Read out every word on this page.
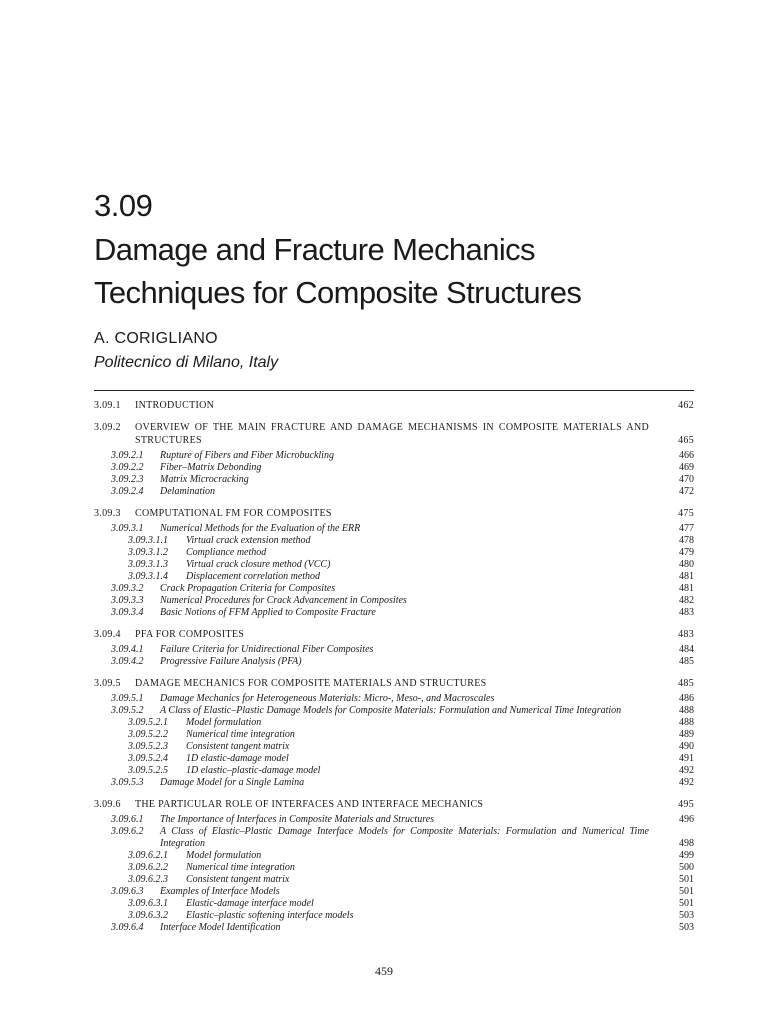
3.09
Damage and Fracture Mechanics
Techniques for Composite Structures
A. CORIGLIANO
Politecnico di Milano, Italy
3.09.1 INTRODUCTION	462
3.09.2 OVERVIEW OF THE MAIN FRACTURE AND DAMAGE MECHANISMS IN COMPOSITE MATERIALS AND STRUCTURES	465
3.09.2.1 Rupture of Fibers and Fiber Microbuckling	466
3.09.2.2 Fiber–Matrix Debonding	469
3.09.2.3 Matrix Microcracking	470
3.09.2.4 Delamination	472
3.09.3 COMPUTATIONAL FM FOR COMPOSITES	475
3.09.3.1 Numerical Methods for the Evaluation of the ERR	477
3.09.3.1.1 Virtual crack extension method	478
3.09.3.1.2 Compliance method	479
3.09.3.1.3 Virtual crack closure method (VCC)	480
3.09.3.1.4 Displacement correlation method	481
3.09.3.2 Crack Propagation Criteria for Composites	481
3.09.3.3 Numerical Procedures for Crack Advancement in Composites	482
3.09.3.4 Basic Notions of FFM Applied to Composite Fracture	483
3.09.4 PFA FOR COMPOSITES	483
3.09.4.1 Failure Criteria for Unidirectional Fiber Composites	484
3.09.4.2 Progressive Failure Analysis (PFA)	485
3.09.5 DAMAGE MECHANICS FOR COMPOSITE MATERIALS AND STRUCTURES	485
3.09.5.1 Damage Mechanics for Heterogeneous Materials: Micro-, Meso-, and Macroscales	486
3.09.5.2 A Class of Elastic–Plastic Damage Models for Composite Materials: Formulation and Numerical Time Integration	488
3.09.5.2.1 Model formulation	488
3.09.5.2.2 Numerical time integration	489
3.09.5.2.3 Consistent tangent matrix	490
3.09.5.2.4 1D elastic-damage model	491
3.09.5.2.5 1D elastic–plastic-damage model	492
3.09.5.3 Damage Model for a Single Lamina	492
3.09.6 THE PARTICULAR ROLE OF INTERFACES AND INTERFACE MECHANICS	495
3.09.6.1 The Importance of Interfaces in Composite Materials and Structures	496
3.09.6.2 A Class of Elastic–Plastic Damage Interface Models for Composite Materials: Formulation and Numerical Time Integration	498
3.09.6.2.1 Model formulation	499
3.09.6.2.2 Numerical time integration	500
3.09.6.2.3 Consistent tangent matrix	501
3.09.6.3 Examples of Interface Models	501
3.09.6.3.1 Elastic-damage interface model	501
3.09.6.3.2 Elastic–plastic softening interface models	503
3.09.6.4 Interface Model Identification	503
459
